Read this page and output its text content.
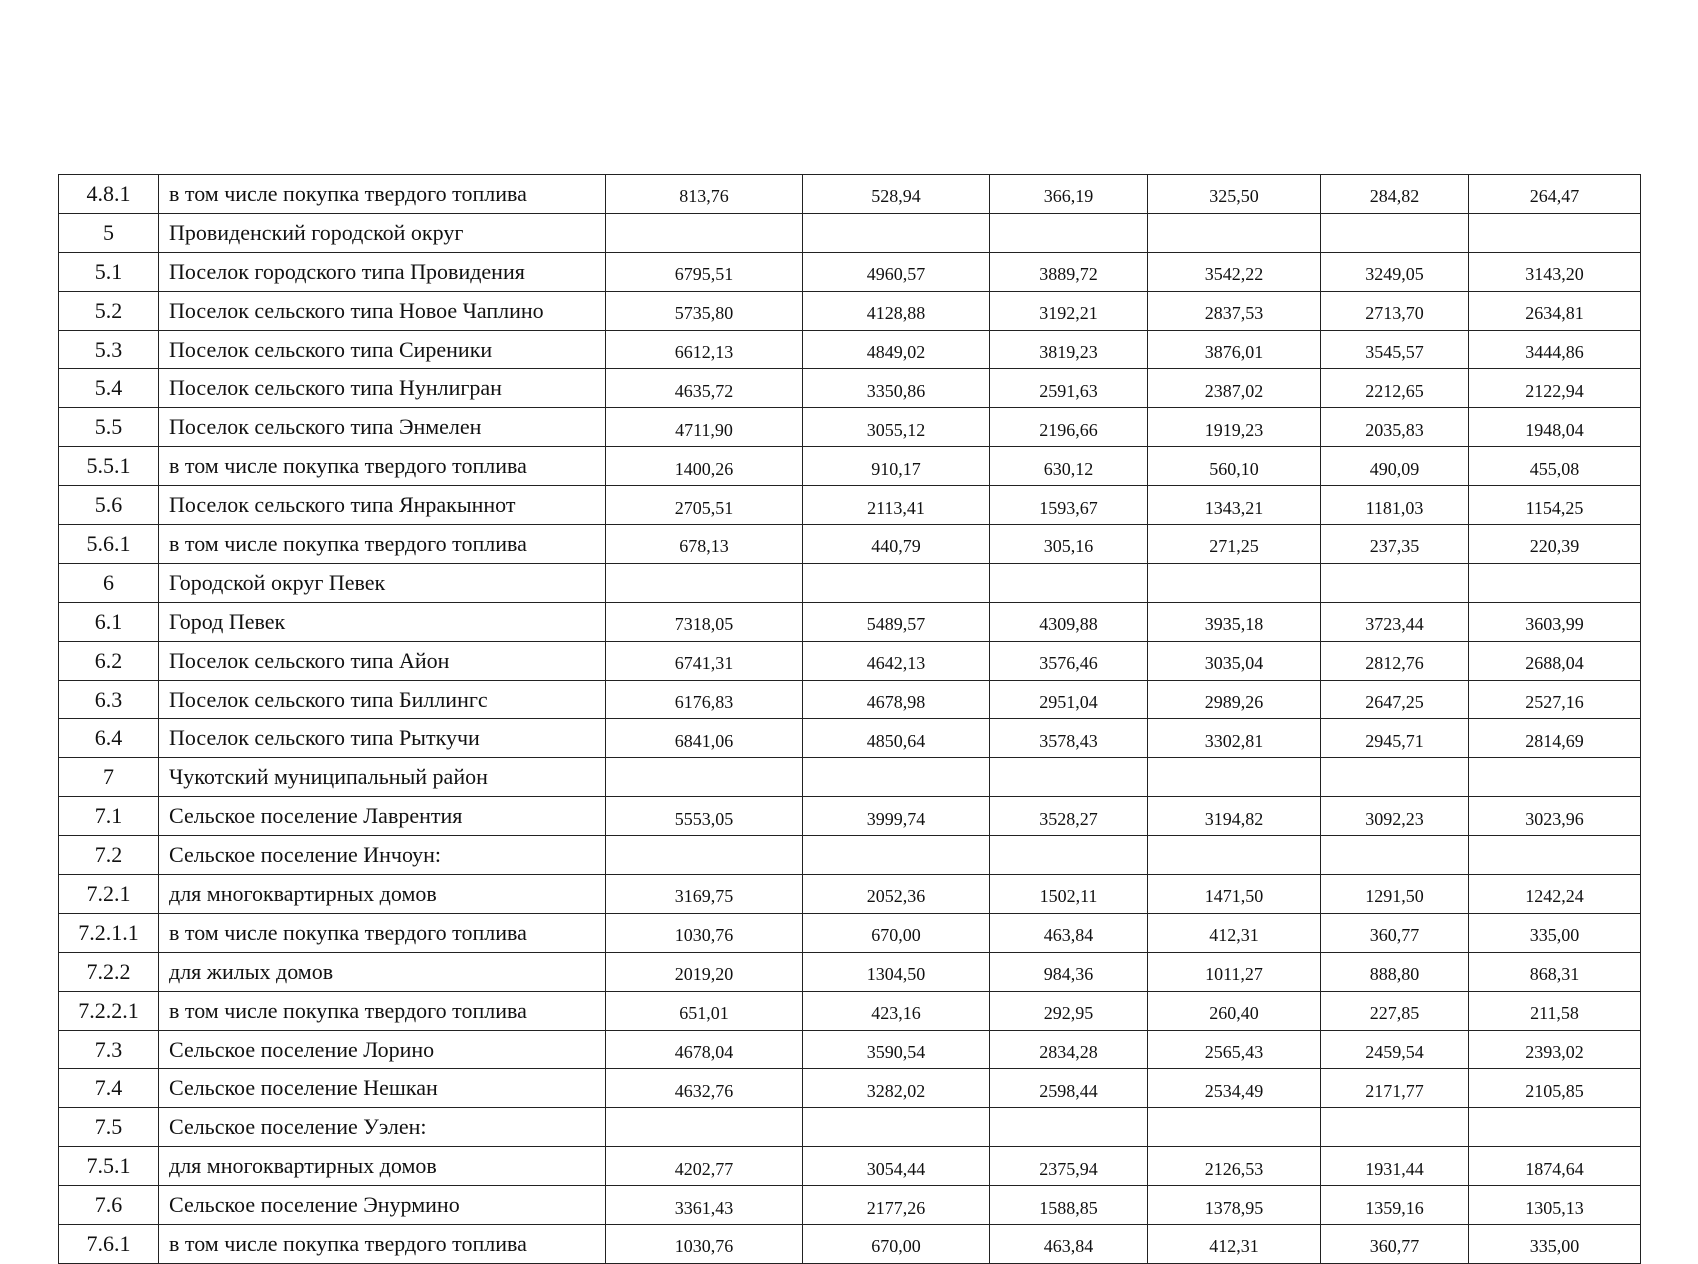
4.8.1	в том числе покупка твердого топлива	813,76	528,94	366,19	325,50	284,82	264,47
5	Провиденский городской округ						
5.1	Поселок городского типа Провидения	6795,51	4960,57	3889,72	3542,22	3249,05	3143,20
5.2	Поселок сельского типа Новое Чаплино	5735,80	4128,88	3192,21	2837,53	2713,70	2634,81
5.3	Поселок сельского типа Сиреники	6612,13	4849,02	3819,23	3876,01	3545,57	3444,86
5.4	Поселок сельского типа Нунлигран	4635,72	3350,86	2591,63	2387,02	2212,65	2122,94
5.5	Поселок сельского типа Энмелен	4711,90	3055,12	2196,66	1919,23	2035,83	1948,04
5.5.1	в том числе покупка твердого топлива	1400,26	910,17	630,12	560,10	490,09	455,08
5.6	Поселок сельского типа Янракыннот	2705,51	2113,41	1593,67	1343,21	1181,03	1154,25
5.6.1	в том числе покупка твердого топлива	678,13	440,79	305,16	271,25	237,35	220,39
6	Городской округ Певек						
6.1	Город Певек	7318,05	5489,57	4309,88	3935,18	3723,44	3603,99
6.2	Поселок сельского типа Айон	6741,31	4642,13	3576,46	3035,04	2812,76	2688,04
6.3	Поселок сельского типа Биллингс	6176,83	4678,98	2951,04	2989,26	2647,25	2527,16
6.4	Поселок сельского типа Рыткучи	6841,06	4850,64	3578,43	3302,81	2945,71	2814,69
7	Чукотский муниципальный район						
7.1	Сельское поселение Лаврентия	5553,05	3999,74	3528,27	3194,82	3092,23	3023,96
7.2	Сельское поселение Инчоун:						
7.2.1	для многоквартирных домов	3169,75	2052,36	1502,11	1471,50	1291,50	1242,24
7.2.1.1	в том числе покупка твердого топлива	1030,76	670,00	463,84	412,31	360,77	335,00
7.2.2	для жилых домов	2019,20	1304,50	984,36	1011,27	888,80	868,31
7.2.2.1	в том числе покупка твердого топлива	651,01	423,16	292,95	260,40	227,85	211,58
7.3	Сельское поселение Лорино	4678,04	3590,54	2834,28	2565,43	2459,54	2393,02
7.4	Сельское поселение Нешкан	4632,76	3282,02	2598,44	2534,49	2171,77	2105,85
7.5	Сельское поселение Уэлен:						
7.5.1	для многоквартирных домов	4202,77	3054,44	2375,94	2126,53	1931,44	1874,64
7.6	Сельское поселение Энурмино	3361,43	2177,26	1588,85	1378,95	1359,16	1305,13
7.6.1	в том числе покупка твердого топлива	1030,76	670,00	463,84	412,31	360,77	335,00
